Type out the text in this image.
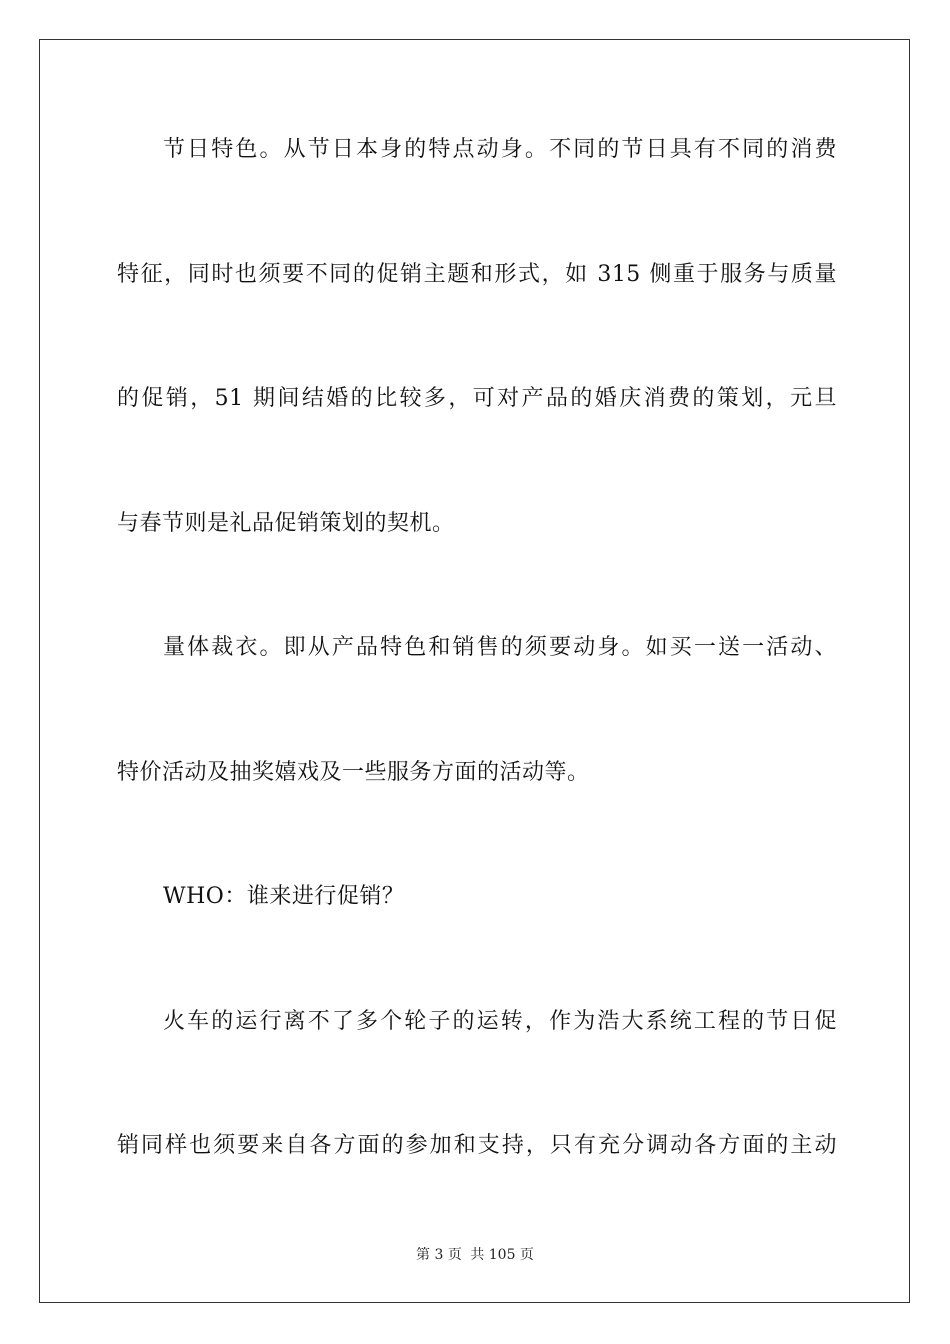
节日特色。从节日本身的特点动身。不同的节日具有不同的消费
特征，同时也须要不同的促销主题和形式，如 315 侧重于服务与质量
的促销，51 期间结婚的比较多，可对产品的婚庆消费的策划，元旦
与春节则是礼品促销策划的契机。
量体裁衣。即从产品特色和销售的须要动身。如买一送一活动、
特价活动及抽奖嬉戏及一些服务方面的活动等。
WHO：谁来进行促销？
火车的运行离不了多个轮子的运转，作为浩大系统工程的节日促
销同样也须要来自各方面的参加和支持，只有充分调动各方面的主动
第 3 页 共 105 页
